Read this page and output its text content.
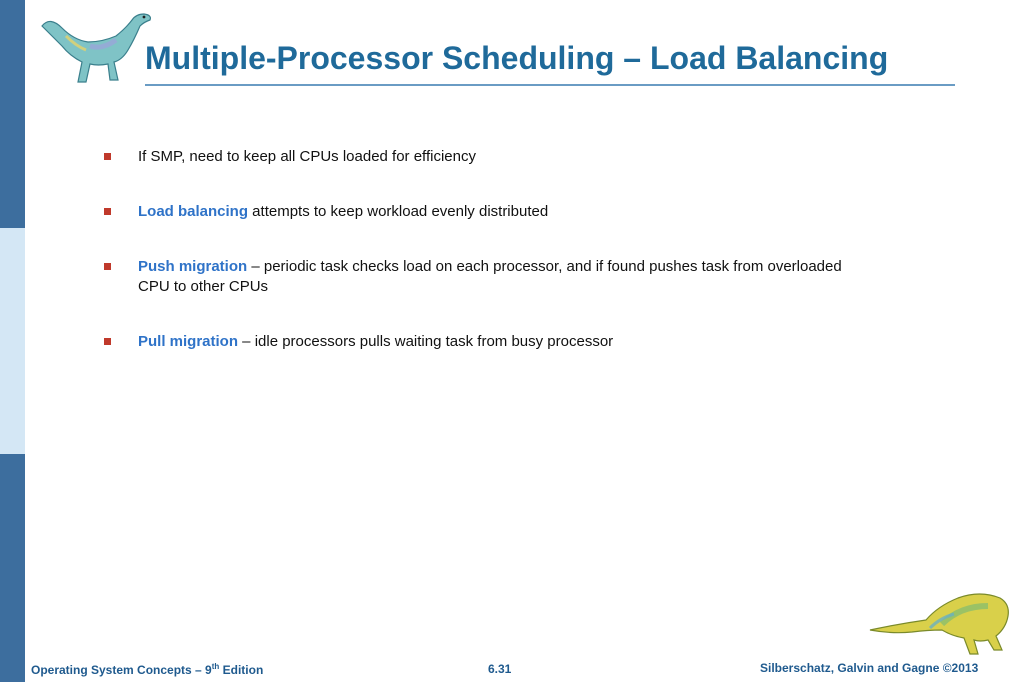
Multiple-Processor Scheduling – Load Balancing
If SMP, need to keep all CPUs loaded for efficiency
Load balancing attempts to keep workload evenly distributed
Push migration – periodic task checks load on each processor, and if found pushes task from overloaded CPU to other CPUs
Pull migration – idle processors pulls waiting task from busy processor
Operating System Concepts – 9th Edition	6.31	Silberschatz, Galvin and Gagne ©2013
